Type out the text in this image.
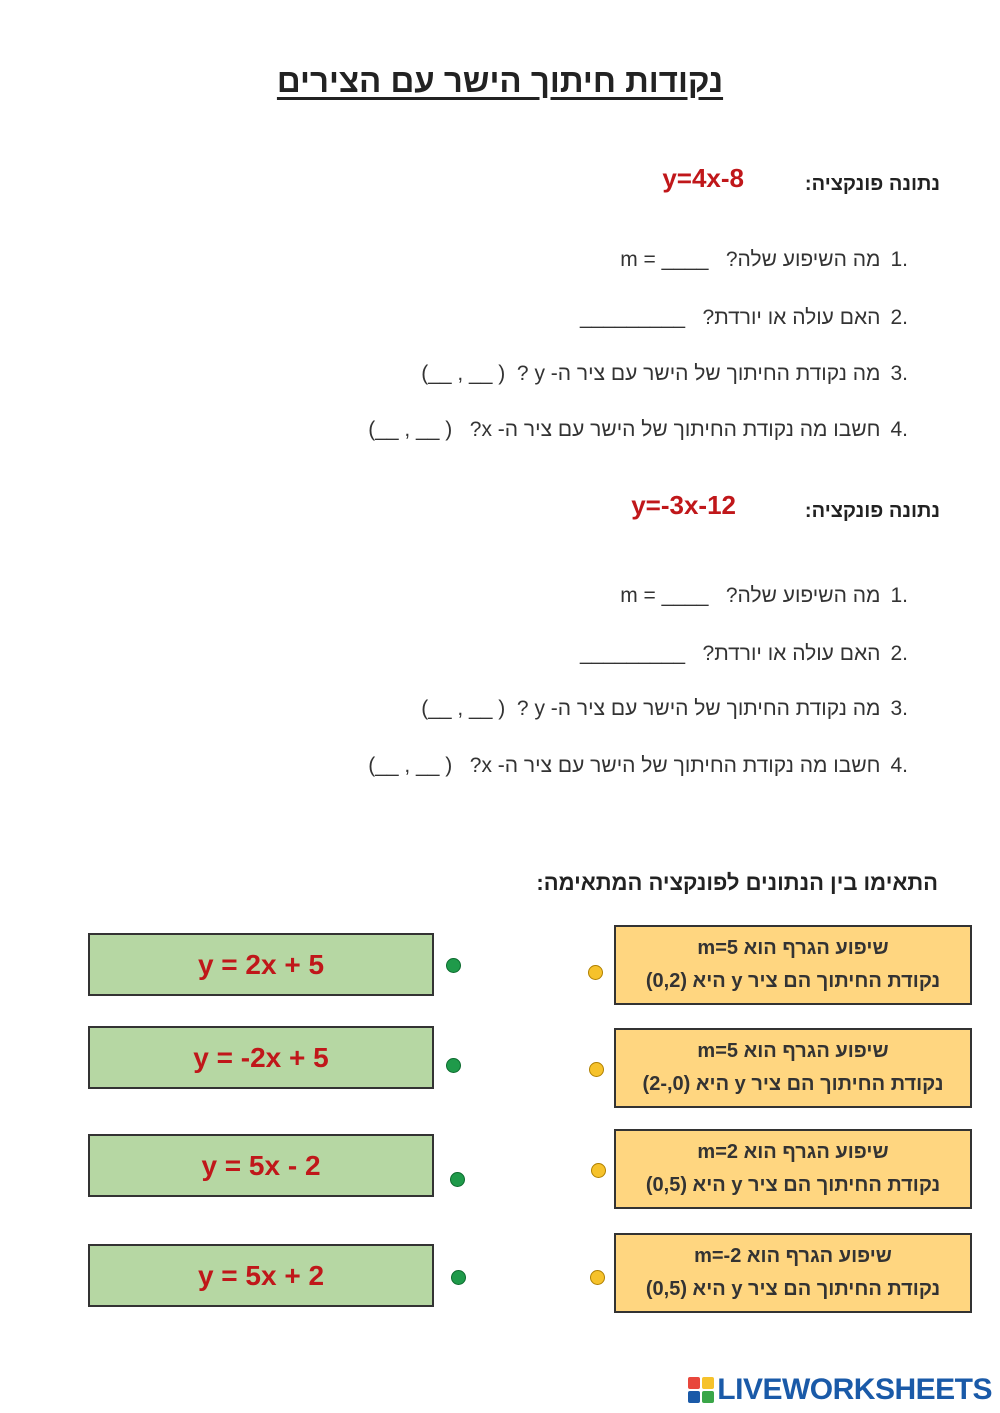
נקודות חיתוך הישר עם הצירים
נתונה פונקציה:
y=4x-8
.1מה השיפוע שלה?   ____ = m
.2האם עולה או יורדת?   _________
.3מה נקודת החיתוך של הישר עם ציר ה- y ?  ( __ , __)
.4חשבו מה נקודת החיתוך של הישר עם ציר ה- x?   ( __ , __)
נתונה פונקציה:
y=-3x-12
.1מה השיפוע שלה?   ____ = m
.2האם עולה או יורדת?   _________
.3מה נקודת החיתוך של הישר עם ציר ה- y ?  ( __ , __)
.4חשבו מה נקודת החיתוך של הישר עם ציר ה- x?   ( __ , __)
התאימו בין הנתונים לפונקציה המתאימה:
y = 2x + 5
y = -2x + 5
y = 5x - 2
y = 5x + 2
שיפוע הגרף הוא m=5
נקודת החיתוך הם ציר y היא (0,2)
שיפוע הגרף הוא m=5
נקודת החיתוך הם ציר y היא (0,-2)
שיפוע הגרף הוא m=2
נקודת החיתוך הם ציר y היא (0,5)
שיפוע הגרף הוא m=-2
נקודת החיתוך הם ציר y היא (0,5)
LIVE WORKSHEETS
